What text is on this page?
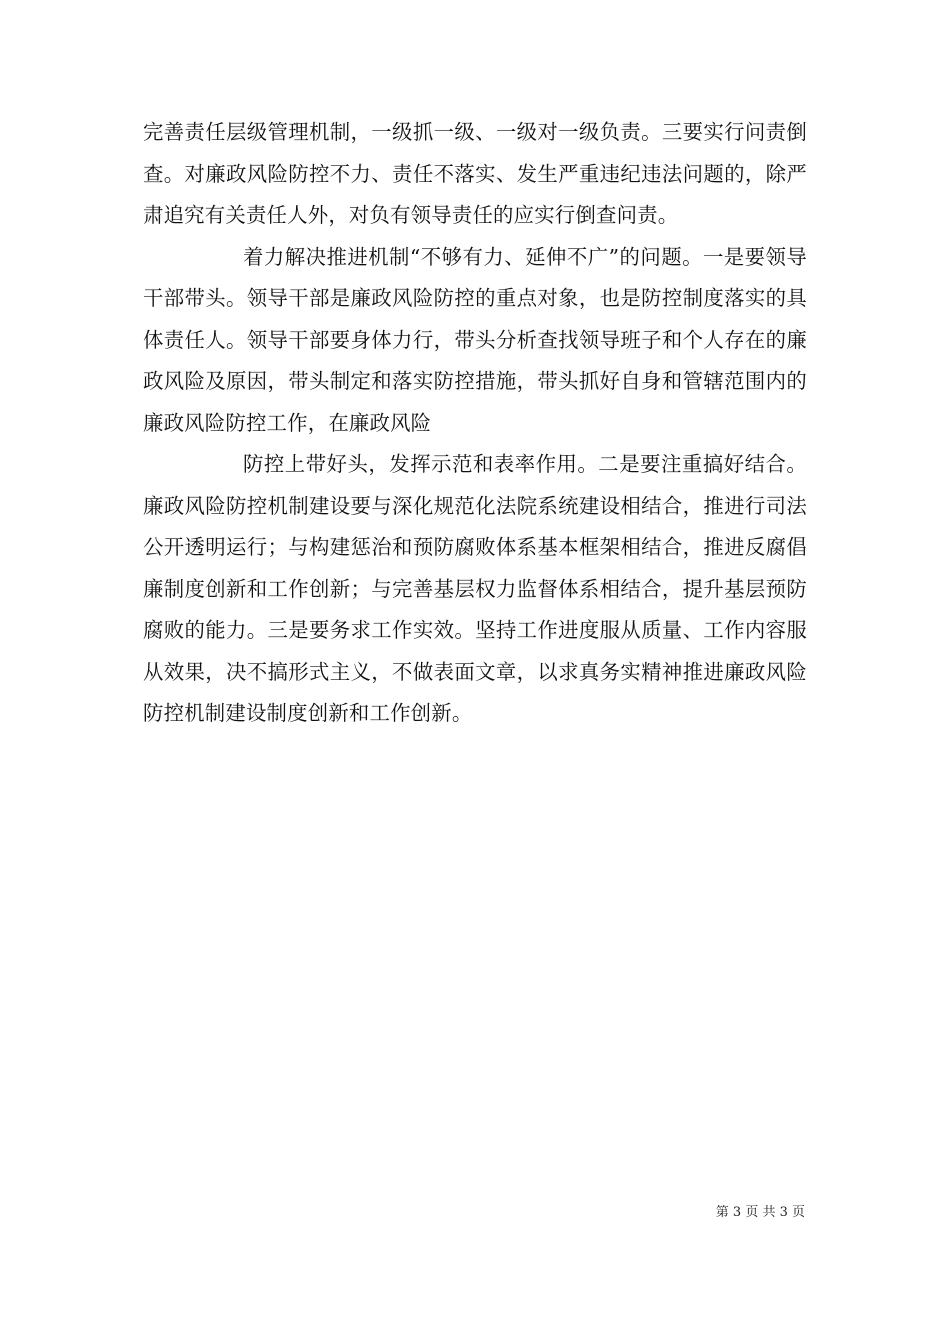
完善责任层级管理机制，一级抓一级、一级对一级负责。三要实行问责倒查。对廉政风险防控不力、责任不落实、发生严重违纪违法问题的，除严肃追究有关责任人外，对负有领导责任的应实行倒查问责。

着力解决推进机制“不够有力、延伸不广”的问题。一是要领导干部带头。领导干部是廉政风险防控的重点对象，也是防控制度落实的具体责任人。领导干部要身体力行，带头分析查找领导班子和个人存在的廉政风险及原因，带头制定和落实防控措施，带头抓好自身和管辖范围内的廉政风险防控工作，在廉政风险

防控上带好头，发挥示范和表率作用。二是要注重搞好结合。廉政风险防控机制建设要与深化规范化法院系统建设相结合，推进行司法公开透明运行；与构建惩治和预防腐败体系基本框架相结合，推进反腐倡廉制度创新和工作创新；与完善基层权力监督体系相结合，提升基层预防腐败的能力。三是要务求工作实效。坚持工作进度服从质量、工作内容服从效果，决不搞形式主义，不做表面文章，以求真务实精神推进廉政风险防控机制建设制度创新和工作创新。

第 3 页 共 3 页
